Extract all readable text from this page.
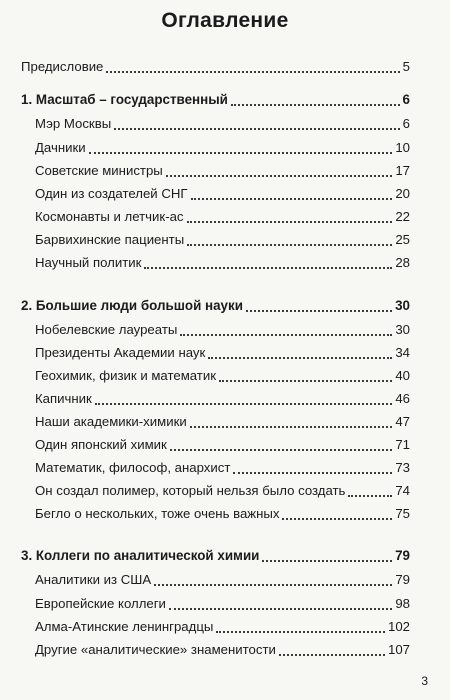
Оглавление
Предисловие	5
1. Масштаб – государственный	6
Мэр Москвы	6
Дачники	10
Советские министры	17
Один из создателей СНГ	20
Космонавты и летчик-ас	22
Барвихинские пациенты	25
Научный политик	28
2. Большие люди большой науки	30
Нобелевские лауреаты	30
Президенты Академии наук	34
Геохимик, физик и математик	40
Капичник	46
Наши академики-химики	47
Один японский химик	71
Математик, философ, анархист	73
Он создал полимер, который нельзя было создать	74
Бегло о нескольких, тоже очень важных	75
3. Коллеги по аналитической химии	79
Аналитики из США	79
Европейские коллеги	98
Алма-Атинские ленинградцы	102
Другие «аналитические» знаменитости	107
3
